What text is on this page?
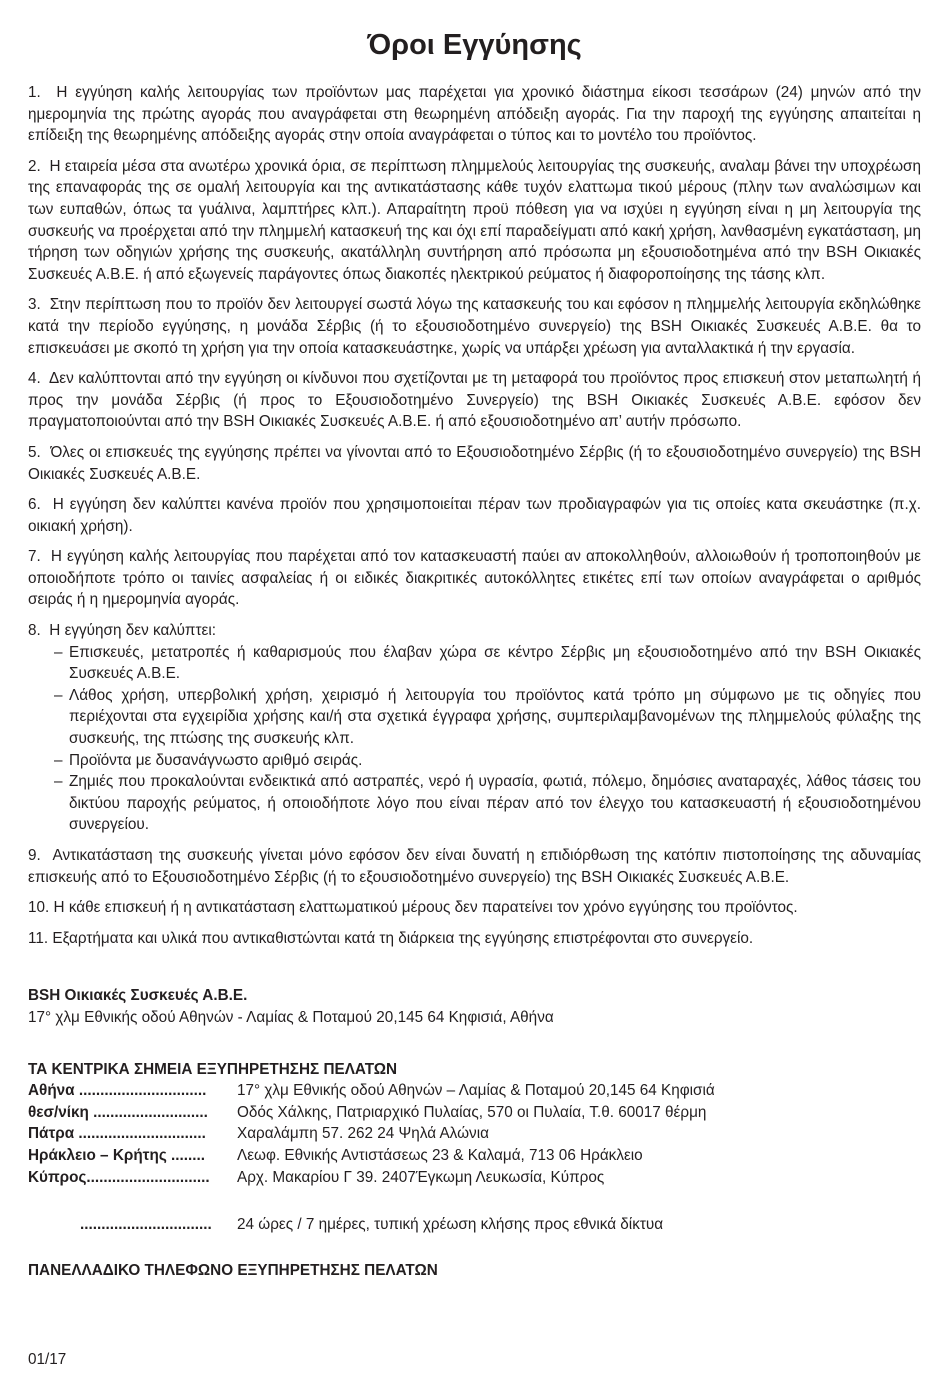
Όροι Εγγύησης

1. Η εγγύηση καλής λειτουργίας των προϊόντων μας παρέχεται για χρονικό διάστημα είκοσι τεσσάρων (24) μηνών από την ημερομηνία της πρώτης αγοράς που αναγράφεται στη θεωρημένη απόδειξη αγοράς. Για την παροχή της εγγύησης απαιτείται η επίδειξη της θεωρημένης απόδειξης αγοράς στην οποία αναγράφεται ο τύπος και το μοντέλο του προϊόντος.

2. Η εταιρεία μέσα στα ανωτέρω χρονικά όρια, σε περίπτωση πλημμελούς λειτουργίας της συσκευής, αναλαμ βάνει την υποχρέωση της επαναφοράς της σε ομαλή λειτουργία και της αντικατάστασης κάθε τυχόν ελαττωμα τικού μέρους (πλην των αναλώσιμων και των ευπαθών, όπως τα γυάλινα, λαμπτήρες κλπ.). Απαραίτητη προϋ πόθεση για να ισχύει η εγγύηση είναι η μη λειτουργία της συσκευής να προέρχεται από την πλημμελή κατασκευή της και όχι επί παραδείγματι από κακή χρήση, λανθασμένη εγκατάσταση, μη τήρηση των οδηγιών χρήσης της συσκευής, ακατάλληλη συντήρηση από πρόσωπα μη εξουσιοδοτημένα από την BSH Οικιακές Συσκευές Α.Β.Ε. ή από εξωγενείς παράγοντες όπως διακοπές ηλεκτρικού ρεύματος ή διαφοροποίησης της τάσης κλπ.

3. Στην περίπτωση που το προϊόν δεν λειτουργεί σωστά λόγω της κατασκευής του και εφόσον η πλημμελής λειτουργία εκδηλώθηκε κατά την περίοδο εγγύησης, η μονάδα Σέρβις (ή το εξουσιοδοτημένο συνεργείο) της BSH Οικιακές Συσκευές Α.Β.Ε. θα το επισκευάσει με σκοπό τη χρήση για την οποία κατασκευάστηκε, χωρίς να υπάρξει χρέωση για ανταλλακτικά ή την εργασία.

4. Δεν καλύπτονται από την εγγύηση οι κίνδυνοι που σχετίζονται με τη μεταφορά του προϊόντος προς επισκευή στον μεταπωλητή ή προς την μονάδα Σέρβις (ή προς το Εξουσιοδοτημένο Συνεργείο) της BSH Οικιακές Συσκευές Α.Β.Ε. εφόσον δεν πραγματοποιούνται από την BSH Οικιακές Συσκευές Α.Β.Ε. ή από εξουσιοδοτημένο απ’ αυτήν πρόσωπο.

5. Όλες οι επισκευές της εγγύησης πρέπει να γίνονται από το Εξουσιοδοτημένο Σέρβις (ή το εξουσιοδοτημένο συνεργείο) της BSH Οικιακές Συσκευές Α.Β.Ε.

6. Η εγγύηση δεν καλύπτει κανένα προϊόν που χρησιμοποιείται πέραν των προδιαγραφών για τις οποίες κατα σκευάστηκε (π.χ. οικιακή χρήση).

7. Η εγγύηση καλής λειτουργίας που παρέχεται από τον κατασκευαστή παύει αν αποκολληθούν, αλλοιωθούν ή τροποποιηθούν με οποιοδήποτε τρόπο οι ταινίες ασφαλείας ή οι ειδικές διακριτικές αυτοκόλλητες ετικέτες επί των οποίων αναγράφεται ο αριθμός σειράς ή η ημερομηνία αγοράς.

8. Η εγγύηση δεν καλύπτει:
– Επισκευές, μετατροπές ή καθαρισμούς που έλαβαν χώρα σε κέντρο Σέρβις μη εξουσιοδοτημένο από την BSH Οικιακές Συσκευές Α.Β.Ε.
– Λάθος χρήση, υπερβολική χρήση, χειρισμό ή λειτουργία του προϊόντος κατά τρόπο μη σύμφωνο με τις οδηγίες που περιέχονται στα εγχειρίδια χρήσης και/ή στα σχετικά έγγραφα χρήσης, συμπεριλαμβανομένων της πλημμελούς φύλαξης της συσκευής, της πτώσης της συσκευής κλπ.
– Προϊόντα με δυσανάγνωστο αριθμό σειράς.
– Ζημιές που προκαλούνται ενδεικτικά από αστραπές, νερό ή υγρασία, φωτιά, πόλεμο, δημόσιες αναταραχές, λάθος τάσεις του δικτύου παροχής ρεύματος, ή οποιοδήποτε λόγο που είναι πέραν από τον έλεγχο του κατασκευαστή ή εξουσιοδοτημένου συνεργείου.

9. Αντικατάσταση της συσκευής γίνεται μόνο εφόσον δεν είναι δυνατή η επιδιόρθωση της κατόπιν πιστοποίησης της αδυναμίας επισκευής από το Εξουσιοδοτημένο Σέρβις (ή το εξουσιοδοτημένο συνεργείο) της BSH Οικιακές Συσκευές Α.Β.Ε.

10. Η κάθε επισκευή ή η αντικατάσταση ελαττωματικού μέρους δεν παρατείνει τον χρόνο εγγύησης του προϊόντος.

11. Εξαρτήματα και υλικά που αντικαθιστώνται κατά τη διάρκεια της εγγύησης επιστρέφονται στο συνεργείο.

BSH Οικιακές Συσκευές Α.Β.Ε.
17° χλμ Εθνικής οδού Αθηνών - Λαμίας & Ποταμού 20,145 64 Κηφισιά, Αθήνα
ΤΑ ΚΕΝΤΡΙΚΑ ΣΗΜΕΙΑ ΕΞΥΠΗΡΕΤΗΣΗΣ ΠΕΛΑΤΩΝ
Αθήνα ..............................	17° χλμ Εθνικής οδού Αθηνών – Λαμίας & Ποταμού 20,145 64 Κηφισιά
θεσ/νίκη ...........................	Οδός Χάλκης, Πατριαρχικό Πυλαίας, 570 οι Πυλαία, Τ.θ. 60017 θέρμη
Πάτρα ..............................	Χαραλάμπη 57. 262 24 Ψηλά Αλώνια
Ηράκλειο – Κρήτης ........	Λεωφ. Εθνικής Αντιστάσεως 23 & Καλαμά, 713 06 Ηράκλειο
Κύπρος.............................	Αρχ. Μακαρίου Γ 39. 2407Έγκωμη Λευκωσία, Κύπρος
...............................	24 ώρες / 7 ημέρες, τυπική χρέωση κλήσης προς εθνικά δίκτυα
ΠΑΝΕΛΛΑΔΙΚΟ ΤΗΛΕΦΩΝΟ ΕΞΥΠΗΡΕΤΗΣΗΣ ΠΕΛΑΤΩΝ
01/17
